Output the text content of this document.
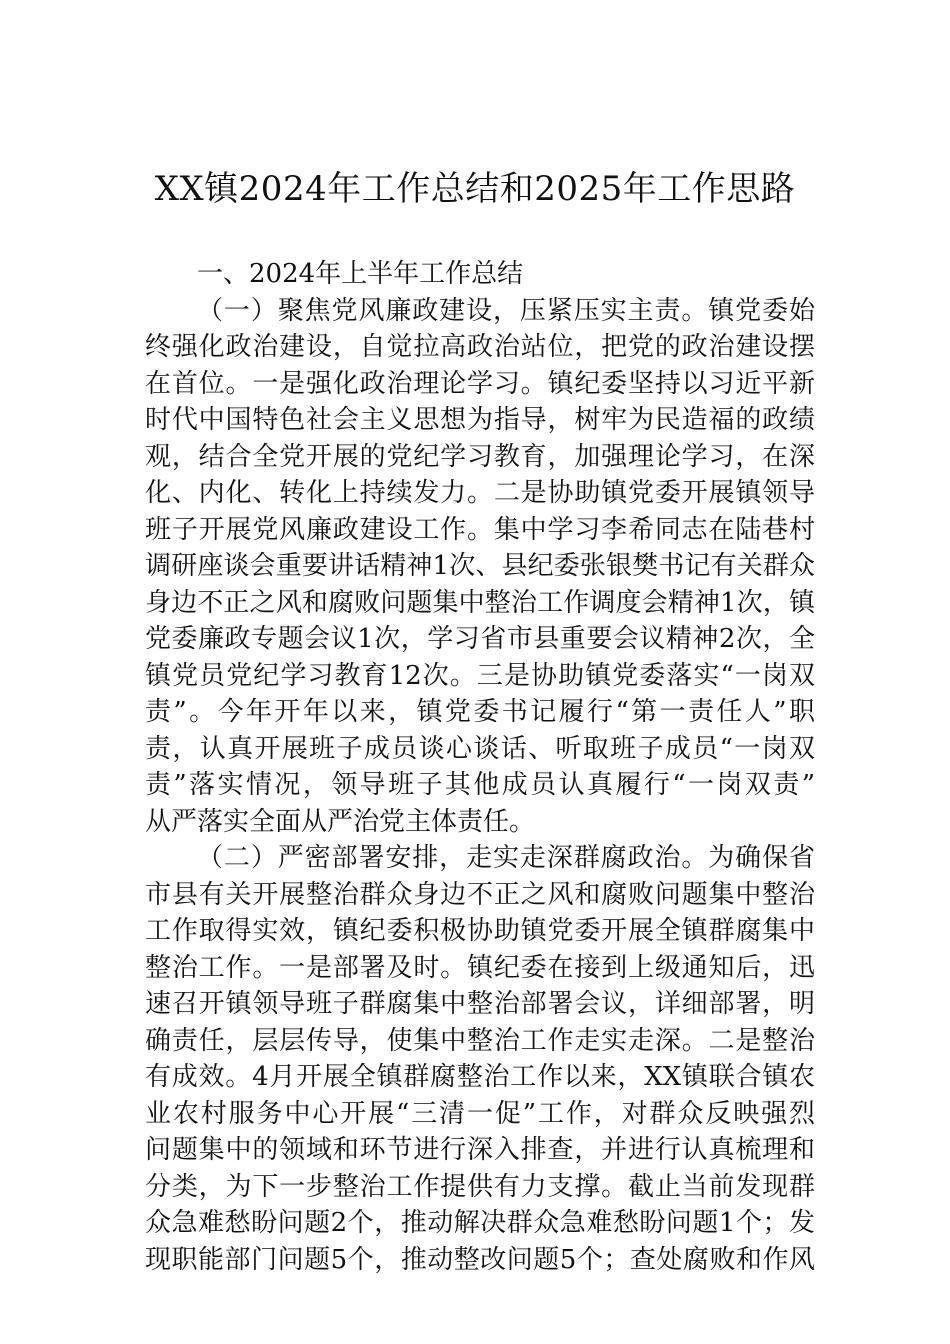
XX镇2024年工作总结和2025年工作思路
一、2024年上半年工作总结
（一）聚焦党风廉政建设，压紧压实主责。镇党委始
终强化政治建设，自觉拉高政治站位，把党的政治建设摆
在首位。一是强化政治理论学习。镇纪委坚持以习近平新
时代中国特色社会主义思想为指导，树牢为民造福的政绩
观，结合全党开展的党纪学习教育，加强理论学习，在深
化、内化、转化上持续发力。二是协助镇党委开展镇领导
班子开展党风廉政建设工作。集中学习李希同志在陆巷村
调研座谈会重要讲话精神1次、县纪委张银樊书记有关群众
身边不正之风和腐败问题集中整治工作调度会精神1次，镇
党委廉政专题会议1次，学习省市县重要会议精神2次，全
镇党员党纪学习教育12次。三是协助镇党委落实“一岗双
责”。今年开年以来，镇党委书记履行“第一责任人”职
责，认真开展班子成员谈心谈话、听取班子成员“一岗双
责”落实情况，领导班子其他成员认真履行“一岗双责”
从严落实全面从严治党主体责任。
（二）严密部署安排，走实走深群腐政治。为确保省
市县有关开展整治群众身边不正之风和腐败问题集中整治
工作取得实效，镇纪委积极协助镇党委开展全镇群腐集中
整治工作。一是部署及时。镇纪委在接到上级通知后，迅
速召开镇领导班子群腐集中整治部署会议，详细部署，明
确责任，层层传导，使集中整治工作走实走深。二是整治
有成效。4月开展全镇群腐整治工作以来，XX镇联合镇农
业农村服务中心开展“三清一促”工作，对群众反映强烈
问题集中的领域和环节进行深入排查，并进行认真梳理和
分类，为下一步整治工作提供有力支撑。截止当前发现群
众急难愁盼问题2个，推动解决群众急难愁盼问题1个；发
现职能部门问题5个，推动整改问题5个；查处腐败和作风
